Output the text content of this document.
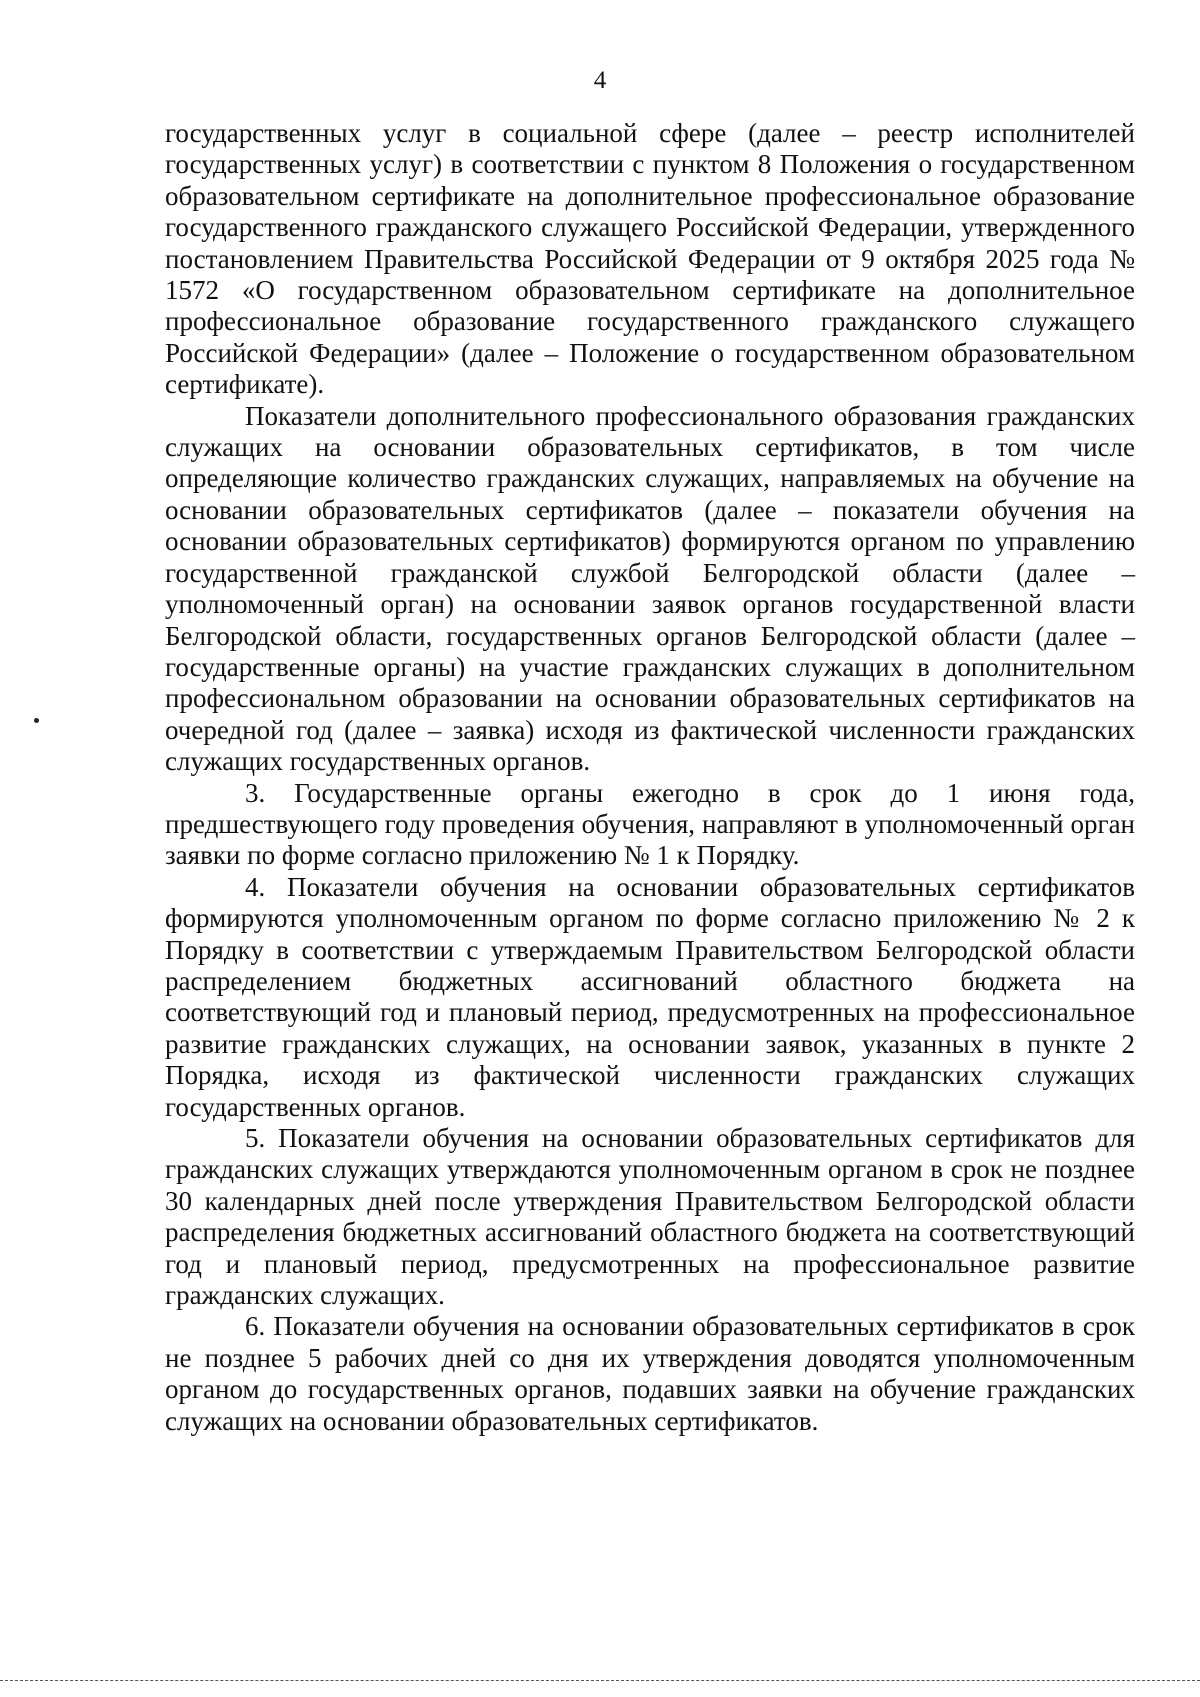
4

государственных услуг в социальной сфере (далее – реестр исполнителей государственных услуг) в соответствии с пунктом 8 Положения о государственном образовательном сертификате на дополнительное профессиональное образование государственного гражданского служащего Российской Федерации, утвержденного постановлением Правительства Российской Федерации от 9 октября 2025 года № 1572 «О государственном образовательном сертификате на дополнительное профессиональное образование государственного гражданского служащего Российской Федерации» (далее – Положение о государственном образовательном сертификате).

Показатели дополнительного профессионального образования гражданских служащих на основании образовательных сертификатов, в том числе определяющие количество гражданских служащих, направляемых на обучение на основании образовательных сертификатов (далее – показатели обучения на основании образовательных сертификатов) формируются органом по управлению государственной гражданской службой Белгородской области (далее – уполномоченный орган) на основании заявок органов государственной власти Белгородской области, государственных органов Белгородской области (далее – государственные органы) на участие гражданских служащих в дополнительном профессиональном образовании на основании образовательных сертификатов на очередной год (далее – заявка) исходя из фактической численности гражданских служащих государственных органов.

3. Государственные органы ежегодно в срок до 1 июня года, предшествующего году проведения обучения, направляют в уполномоченный орган заявки по форме согласно приложению № 1 к Порядку.

4. Показатели обучения на основании образовательных сертификатов формируются уполномоченным органом по форме согласно приложению № 2 к Порядку в соответствии с утверждаемым Правительством Белгородской области распределением бюджетных ассигнований областного бюджета на соответствующий год и плановый период, предусмотренных на профессиональное развитие гражданских служащих, на основании заявок, указанных в пункте 2 Порядка, исходя из фактической численности гражданских служащих государственных органов.

5. Показатели обучения на основании образовательных сертификатов для гражданских служащих утверждаются уполномоченным органом в срок не позднее 30 календарных дней после утверждения Правительством Белгородской области распределения бюджетных ассигнований областного бюджета на соответствующий год и плановый период, предусмотренных на профессиональное развитие гражданских служащих.

6. Показатели обучения на основании образовательных сертификатов в срок не позднее 5 рабочих дней со дня их утверждения доводятся уполномоченным органом до государственных органов, подавших заявки на обучение гражданских служащих на основании образовательных сертификатов.
